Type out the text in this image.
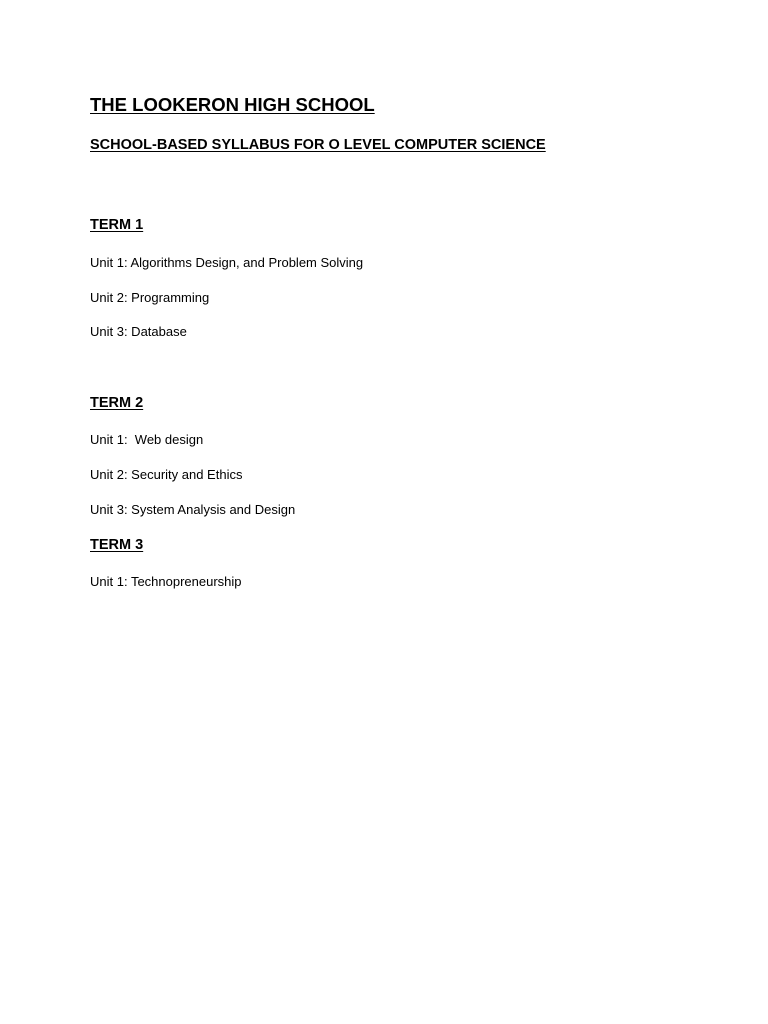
THE LOOKERON HIGH SCHOOL
SCHOOL-BASED SYLLABUS FOR O LEVEL COMPUTER SCIENCE
TERM 1
Unit 1: Algorithms Design, and Problem Solving
Unit 2: Programming
Unit 3: Database
TERM 2
Unit 1:  Web design
Unit 2: Security and Ethics
Unit 3: System Analysis and Design
TERM 3
Unit 1: Technopreneurship
